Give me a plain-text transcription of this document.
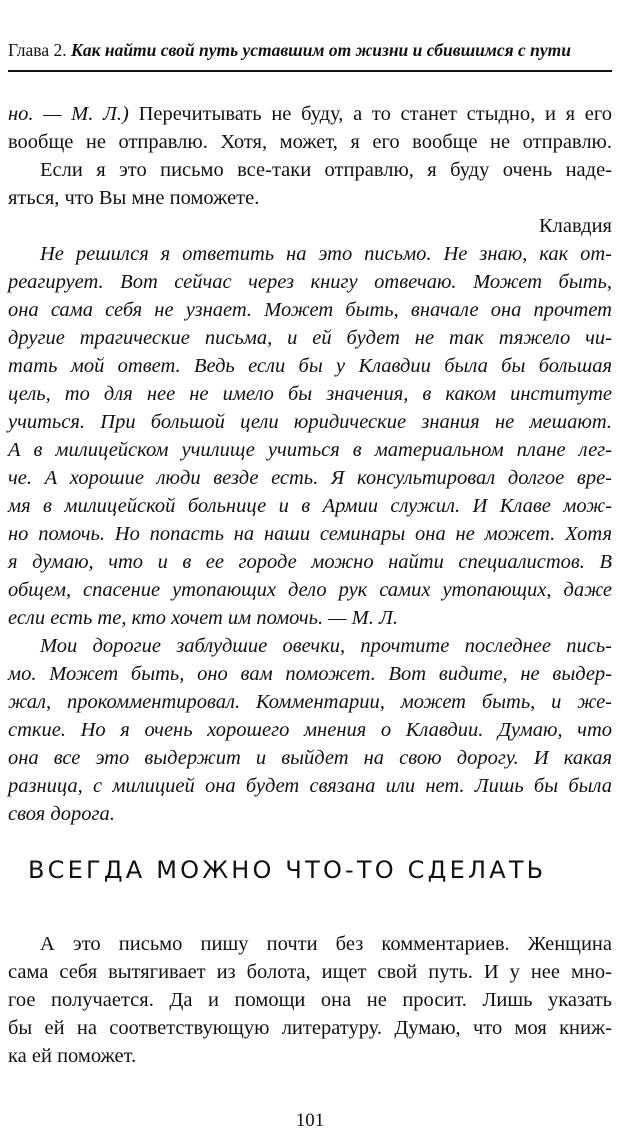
Глава 2. Как найти свой путь уставшим от жизни и сбившимся с пути
но. — М. Л.) Перечитывать не буду, а то станет стыдно, и я его
вообще не отправлю. Хотя, может, я его вообще не отправлю.
Если я это письмо все-таки отправлю, я буду очень наде-
яться, что Вы мне поможете.
Клавдия
Не решился я ответить на это письмо. Не знаю, как от-
реагирует. Вот сейчас через книгу отвечаю. Может быть,
она сама себя не узнает. Может быть, вначале она прочтет
другие трагические письма, и ей будет не так тяжело чи-
тать мой ответ. Ведь если бы у Клавдии была бы большая
цель, то для нее не имело бы значения, в каком институте
учиться. При большой цели юридические знания не мешают.
А в милицейском училище учиться в материальном плане лег-
че. А хорошие люди везде есть. Я консультировал долгое вре-
мя в милицейской больнице и в Армии служил. И Клаве мож-
но помочь. Но попасть на наши семинары она не может. Хотя
я думаю, что и в ее городе можно найти специалистов. В
общем, спасение утопающих дело рук самих утопающих, даже
если есть те, кто хочет им помочь. — М. Л.
Мои дорогие заблудшие овечки, прочтите последнее пись-
мо. Может быть, оно вам поможет. Вот видите, не выдер-
жал, прокомментировал. Комментарии, может быть, и же-
сткие. Но я очень хорошего мнения о Клавдии. Думаю, что
она все это выдержит и выйдет на свою дорогу. И какая
разница, с милицией она будет связана или нет. Лишь бы была
своя дорога.
ВСЕГДА МОЖНО ЧТО-ТО СДЕЛАТЬ
А это письмо пишу почти без комментариев. Женщина
сама себя вытягивает из болота, ищет свой путь. И у нее мно-
гое получается. Да и помощи она не просит. Лишь указать
бы ей на соответствующую литературу. Думаю, что моя книж-
ка ей поможет.
101
